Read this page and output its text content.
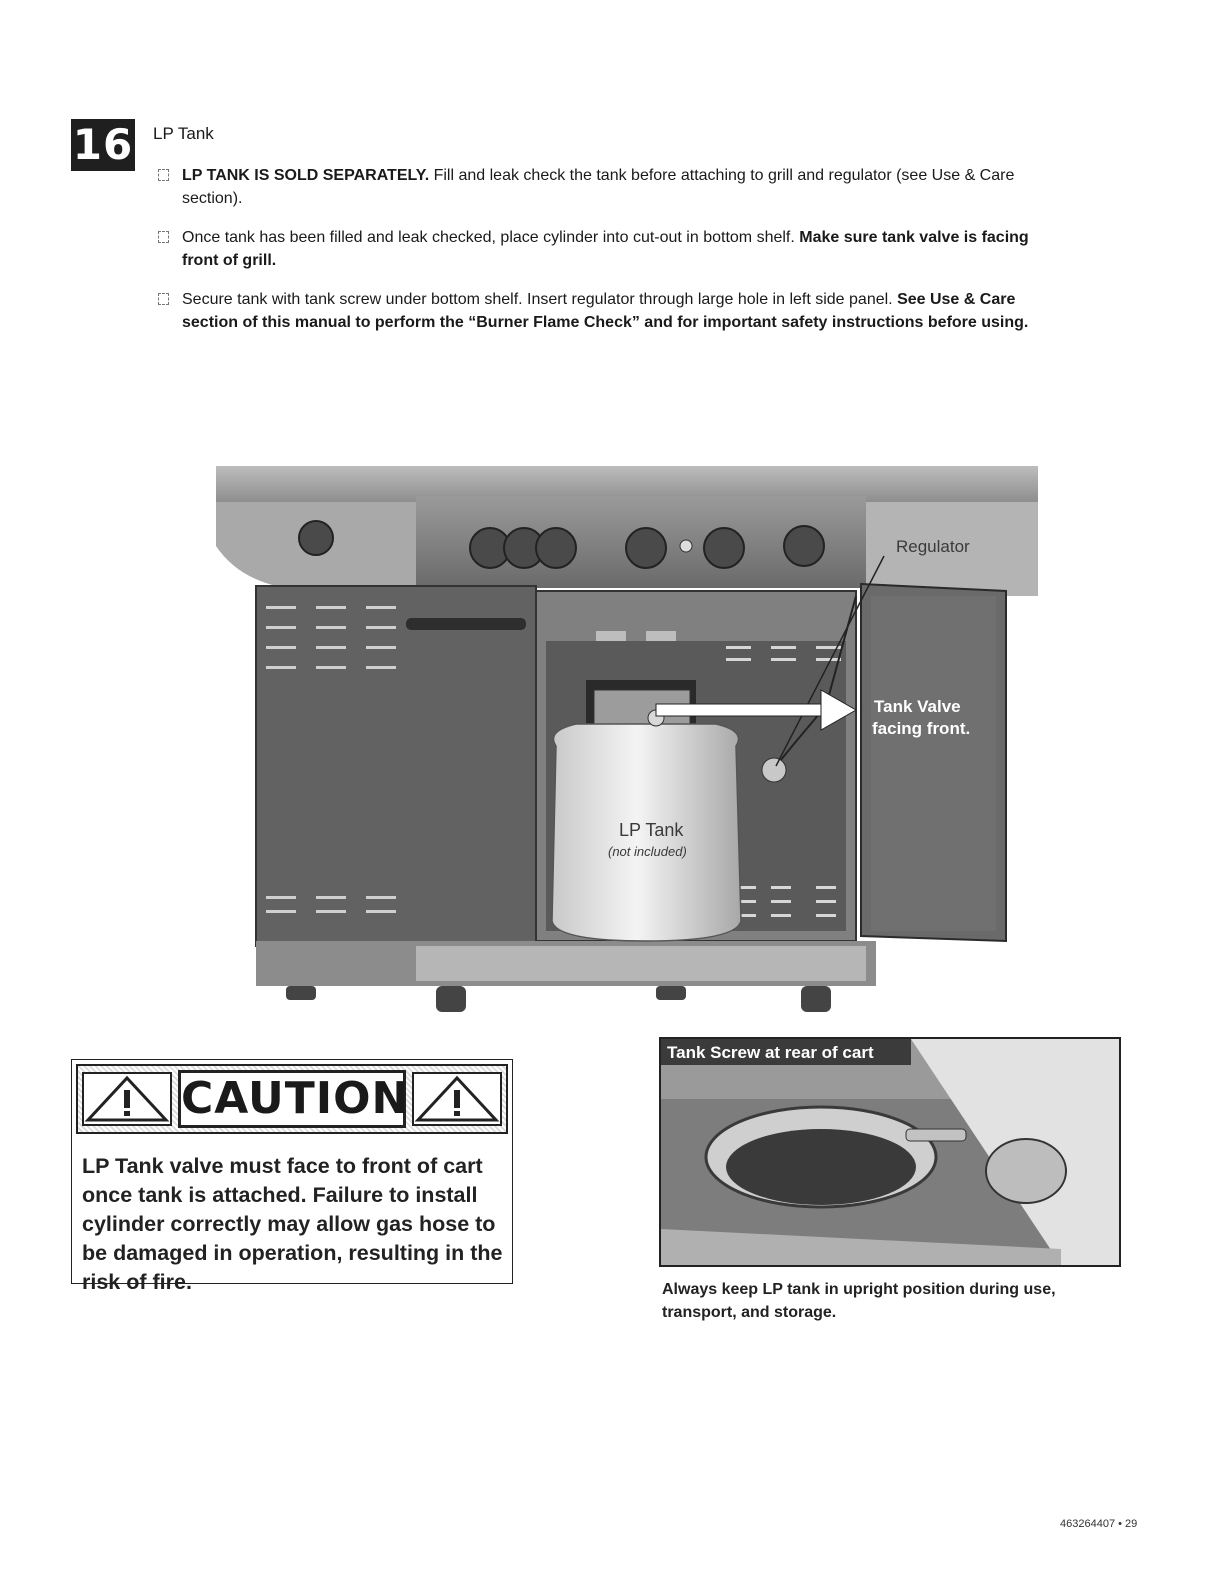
16 LP Tank
LP TANK IS SOLD SEPARATELY. Fill and leak check the tank before attaching to grill and regulator (see Use & Care section).
Once tank has been filled and leak checked, place cylinder into cut-out in bottom shelf. Make sure tank valve is facing front of grill.
Secure tank with tank screw under bottom shelf. Insert regulator through large hole in left side panel. See Use & Care section of this manual to perform the “Burner Flame Check” and for important safety instructions before using.
Regulator
Tank Valve
facing front.
LP Tank
(not included)
CAUTION
LP Tank valve must face to front of cart once tank is attached. Failure to install cylinder correctly may allow gas hose to be damaged in operation, resulting in the risk of fire.
Tank Screw at rear of cart
Always keep LP tank in upright position during use, transport, and storage.
463264407 • 29
